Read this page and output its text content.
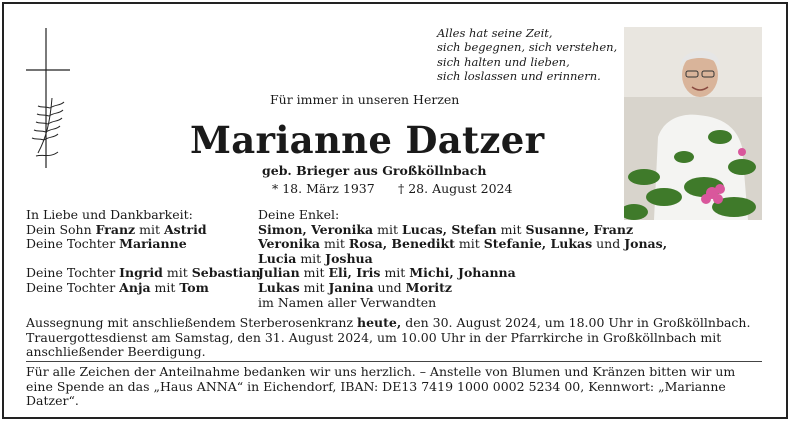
Alles hat seine Zeit,
sich begegnen, sich verstehen,
sich halten und lieben,
sich loslassen und erinnern.
Für immer in unseren Herzen
Marianne Datzer
geb. Brieger aus Großköllnbach
* 18. März 1937 † 28. August 2024
In Liebe und Dankbarkeit:
Dein Sohn Franz mit Astrid
Deine Tochter Marianne

Deine Tochter Ingrid mit Sebastian
Deine Tochter Anja mit Tom
Deine Enkel:
Simon, Veronika mit Lucas, Stefan mit Susanne, Franz
Veronika mit Rosa, Benedikt mit Stefanie, Lukas und Jonas,
Lucia mit Joshua
Julian mit Eli, Iris mit Michi, Johanna
Lukas mit Janina und Moritz
im Namen aller Verwandten
Aussegnung mit anschließendem Sterberosenkranz heute, den 30. August 2024, um 18.00 Uhr in Großköllnbach. Trauergottesdienst am Samstag, den 31. August 2024, um 10.00 Uhr in der Pfarrkirche in Großköllnbach mit anschließender Beerdigung.
Für alle Zeichen der Anteilnahme bedanken wir uns herzlich. – Anstelle von Blumen und Kränzen bitten wir um eine Spende an das „Haus ANNA“ in Eichendorf, IBAN: DE13 7419 1000 0002 5234 00, Kennwort: „Marianne Datzer“.
